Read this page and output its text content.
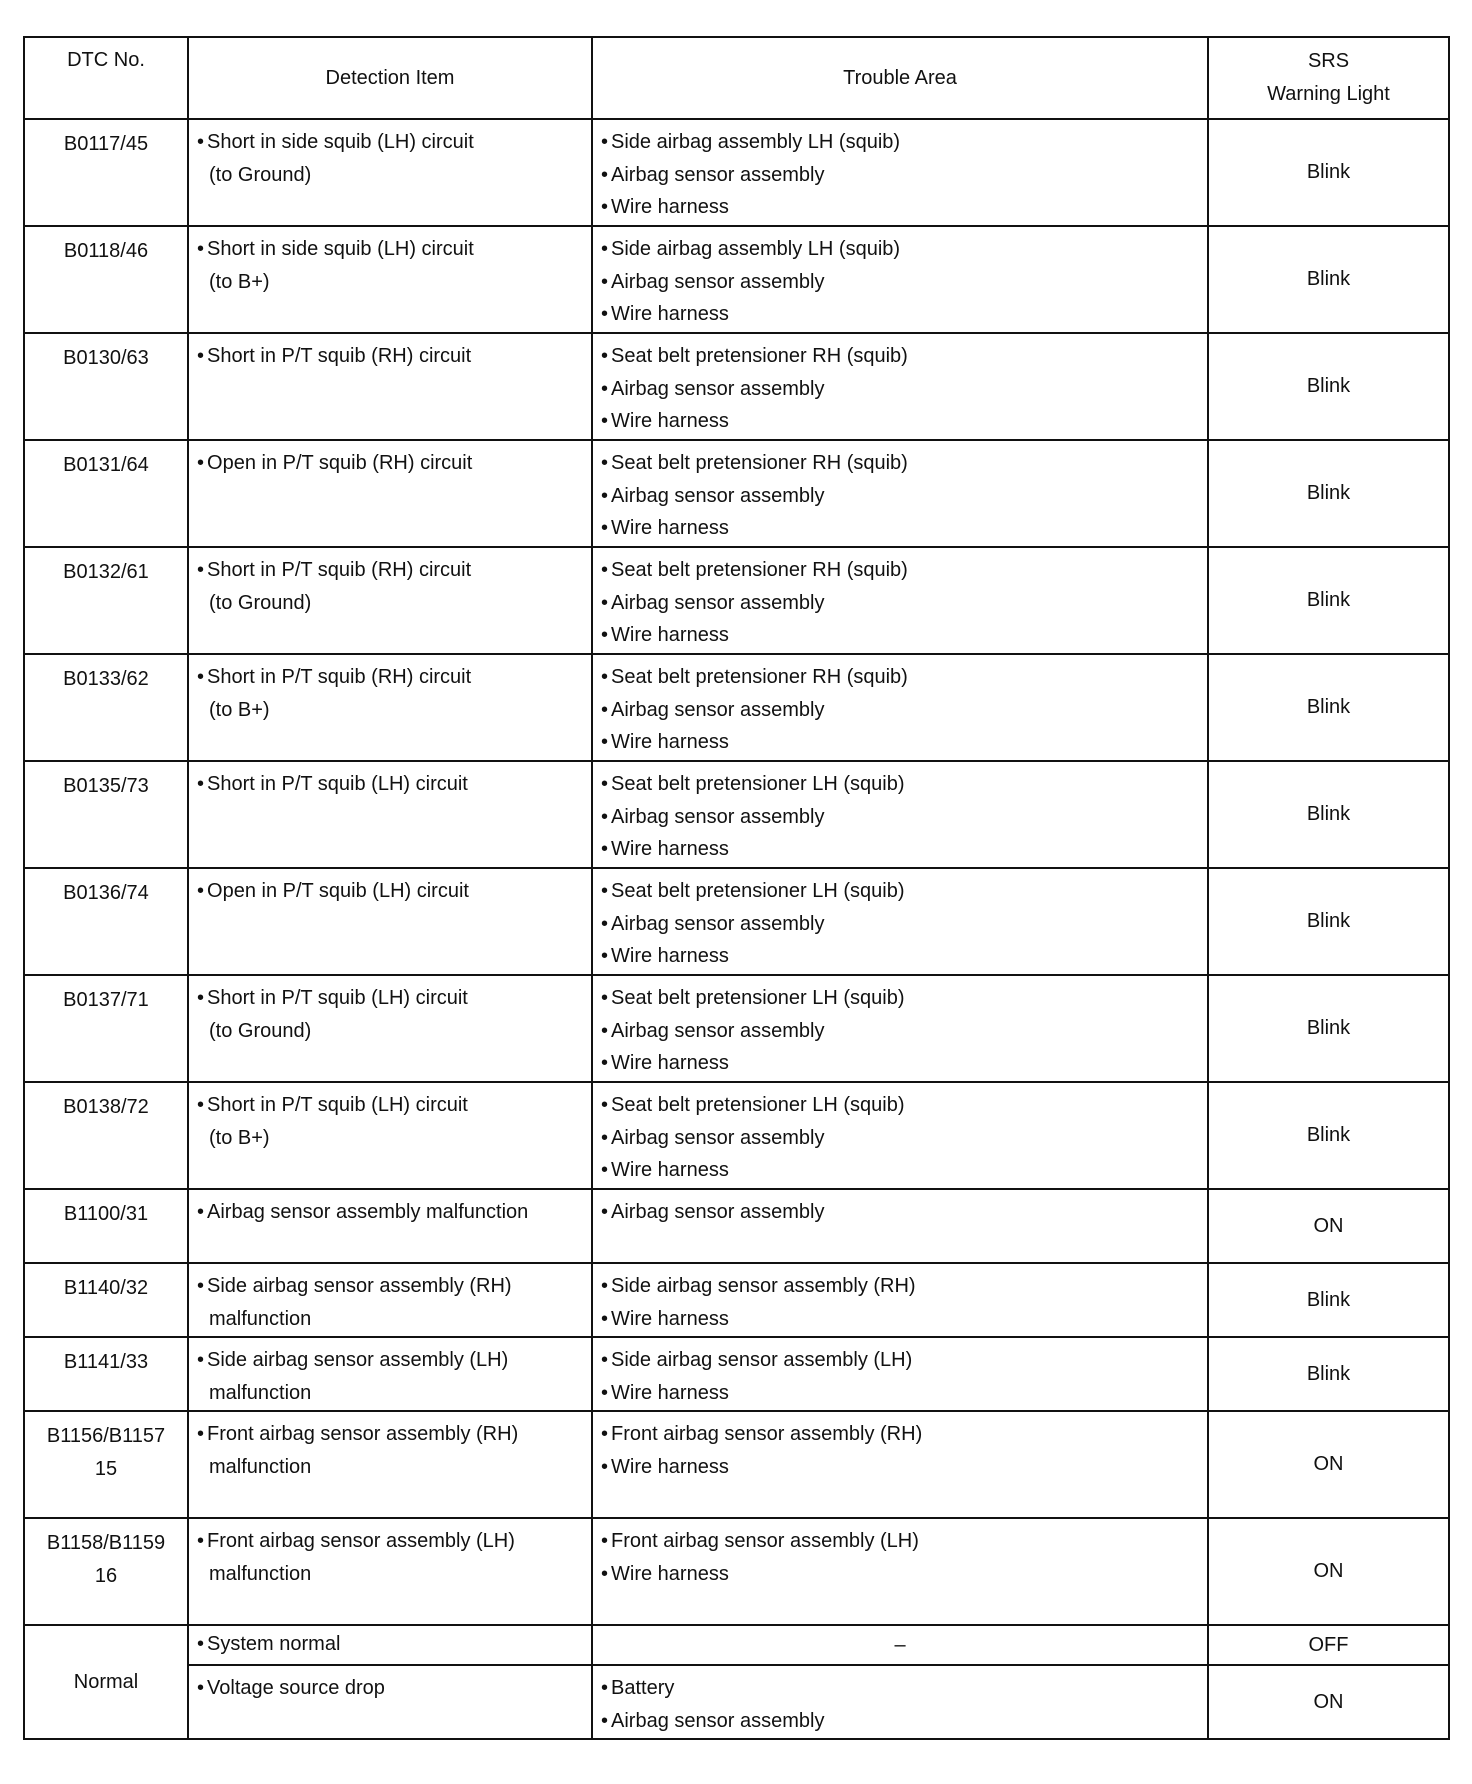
DTC No.	Detection Item	Trouble Area	SRS
Warning Light

B0117/45	• Short in side squib (LH) circuit
(to Ground)	• Side airbag assembly LH (squib)
• Airbag sensor assembly
• Wire harness	Blink

B0118/46	• Short in side squib (LH) circuit
(to B+)	• Side airbag assembly LH (squib)
• Airbag sensor assembly
• Wire harness	Blink

B0130/63	• Short in P/T squib (RH) circuit	• Seat belt pretensioner RH (squib)
• Airbag sensor assembly
• Wire harness	Blink

B0131/64	• Open in P/T squib (RH) circuit	• Seat belt pretensioner RH (squib)
• Airbag sensor assembly
• Wire harness	Blink

B0132/61	• Short in P/T squib (RH) circuit
(to Ground)	• Seat belt pretensioner RH (squib)
• Airbag sensor assembly
• Wire harness	Blink

B0133/62	• Short in P/T squib (RH) circuit
(to B+)	• Seat belt pretensioner RH (squib)
• Airbag sensor assembly
• Wire harness	Blink

B0135/73	• Short in P/T squib (LH) circuit	• Seat belt pretensioner LH (squib)
• Airbag sensor assembly
• Wire harness	Blink

B0136/74	• Open in P/T squib (LH) circuit	• Seat belt pretensioner LH (squib)
• Airbag sensor assembly
• Wire harness	Blink

B0137/71	• Short in P/T squib (LH) circuit
(to Ground)	• Seat belt pretensioner LH (squib)
• Airbag sensor assembly
• Wire harness	Blink

B0138/72	• Short in P/T squib (LH) circuit
(to B+)	• Seat belt pretensioner LH (squib)
• Airbag sensor assembly
• Wire harness	Blink

B1100/31	• Airbag sensor assembly malfunction	• Airbag sensor assembly	ON

B1140/32	• Side airbag sensor assembly (RH)
malfunction	• Side airbag sensor assembly (RH)
• Wire harness	Blink

B1141/33	• Side airbag sensor assembly (LH)
malfunction	• Side airbag sensor assembly (LH)
• Wire harness	Blink

B1156/B1157
15	• Front airbag sensor assembly (RH)
malfunction	• Front airbag sensor assembly (RH)
• Wire harness	ON

B1158/B1159
16	• Front airbag sensor assembly (LH)
malfunction	• Front airbag sensor assembly (LH)
• Wire harness	ON
Normal	• System normal	–	OFF

	• Voltage source drop	• Battery
• Airbag sensor assembly	ON
